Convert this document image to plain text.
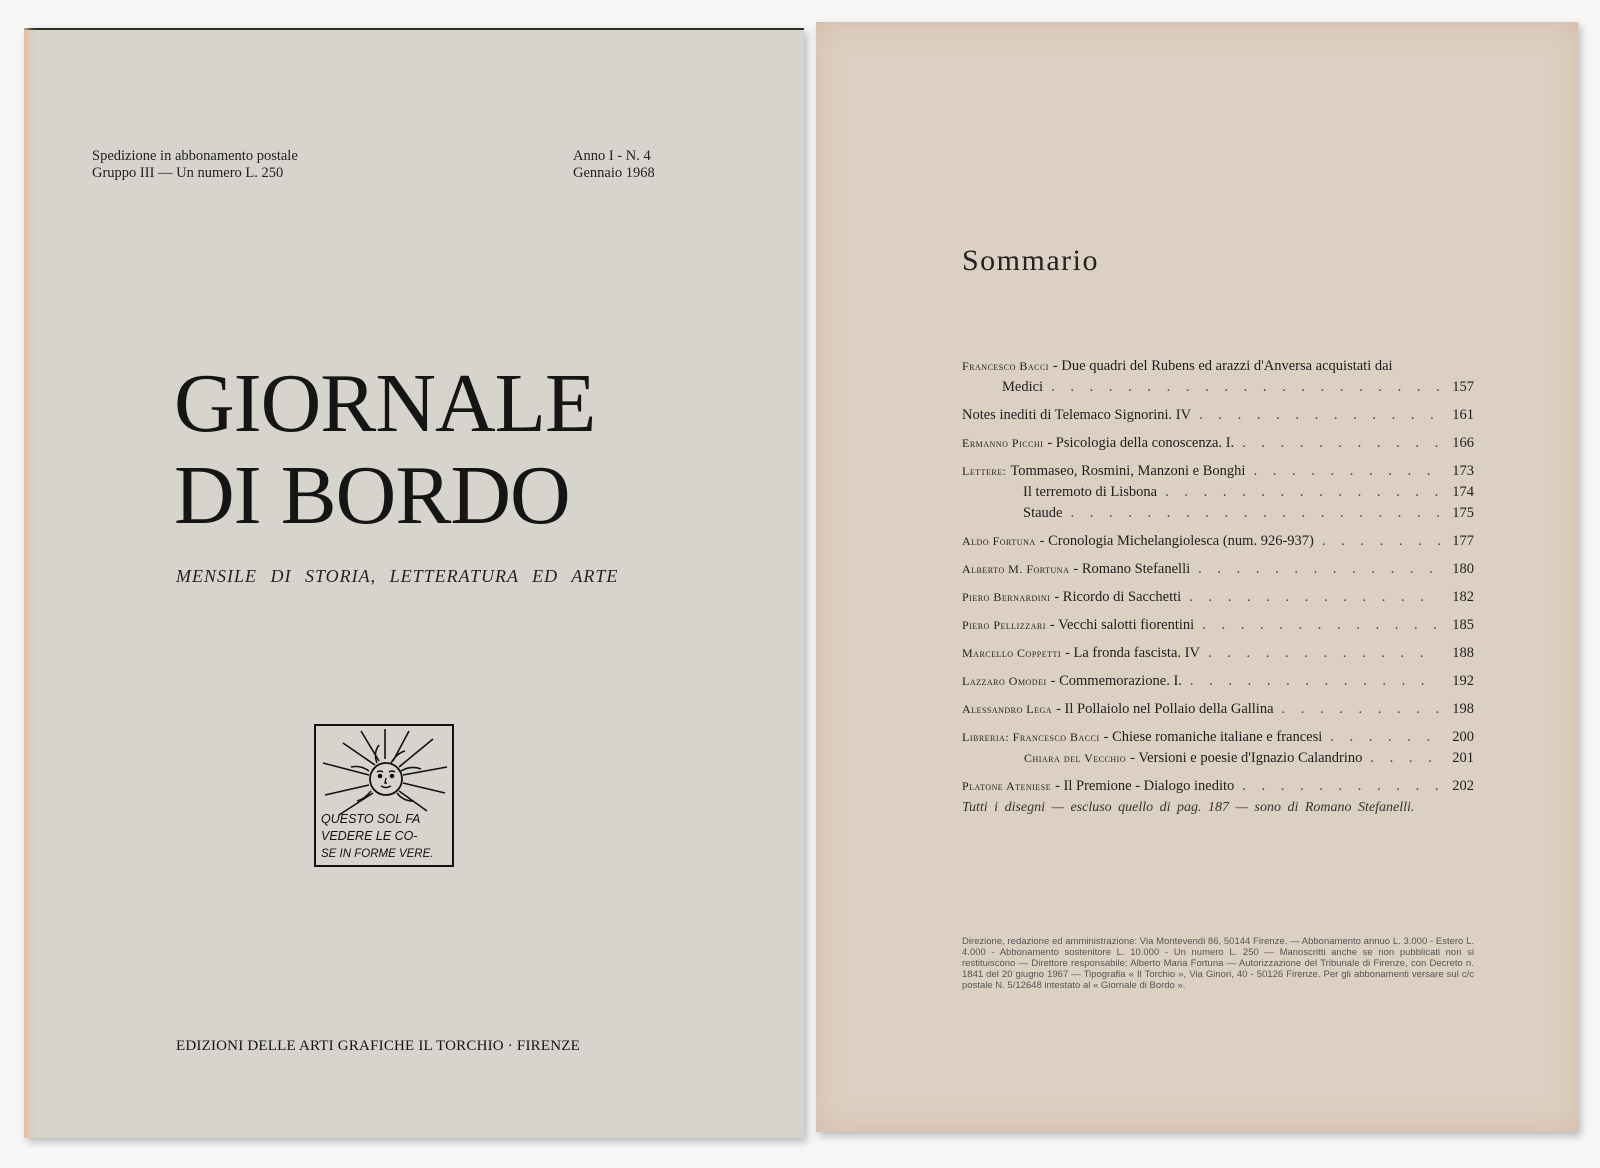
Spedizione in abbonamento postale
Gruppo III — Un numero L. 250
Anno I - N. 4
Gennaio 1968
GIORNALE
DI BORDO
MENSILE DI STORIA, LETTERATURA ED ARTE
QUESTO SOL FA
VEDERE LE CO-
SE IN FORME VERE.
EDIZIONI DELLE ARTI GRAFICHE IL TORCHIO · FIRENZE
Sommario
Francesco Bacci - Due quadri del Rubens ed arazzi d'Anversa acquistati dai
Medici . . .	157
Notes inediti di Telemaco Signorini. IV . . .	161
Ermanno Picchi - Psicologia della conoscenza. I. . . .	166
Lettere: Tommaseo, Rosmini, Manzoni e Bonghi . . .	173
Il terremoto di Lisbona . . .	174
Staude . . .	175
Aldo Fortuna - Cronologia Michelangiolesca (num. 926-937) . . .	177
Alberto M. Fortuna - Romano Stefanelli . . .	180
Piero Bernardini - Ricordo di Sacchetti . . .	182
Piero Pellizzari - Vecchi salotti fiorentini . . .	185
Marcello Coppetti - La fronda fascista. IV . . .	188
Lazzaro Omodei - Commemorazione. I. . . .	192
Alessandro Lega - Il Pollaiolo nel Pollaio della Gallina . . .	198
Libreria: Francesco Bacci - Chiese romaniche italiane e francesi . . .	200
Chiara del Vecchio - Versioni e poesie d'Ignazio Calandrino . . .	201
Platone Ateniese - Il Premione - Dialogo inedito . . .	202
Tutti i disegni — escluso quello di pag. 187 — sono di Romano Stefanelli.
Direzione, redazione ed amministrazione: Via Montevendi 86, 50144 Firenze. — Abbonamento annuo L. 3.000 - Estero L. 4.000 - Abbonamento sostenitore L. 10.000 - Un numero L. 250 — Manoscritti anche se non pubblicati non si restituiscono — Direttore responsabile: Alberto Maria Fortuna — Autorizzazione del Tribunale di Firenze, con Decreto n. 1841 del 20 giugno 1967 — Tipografia « Il Torchio », Via Ginori, 40 - 50126 Firenze. Per gli abbonamenti versare sul c/c postale N. 5/12648 intestato al « Giornale di Bordo ».
